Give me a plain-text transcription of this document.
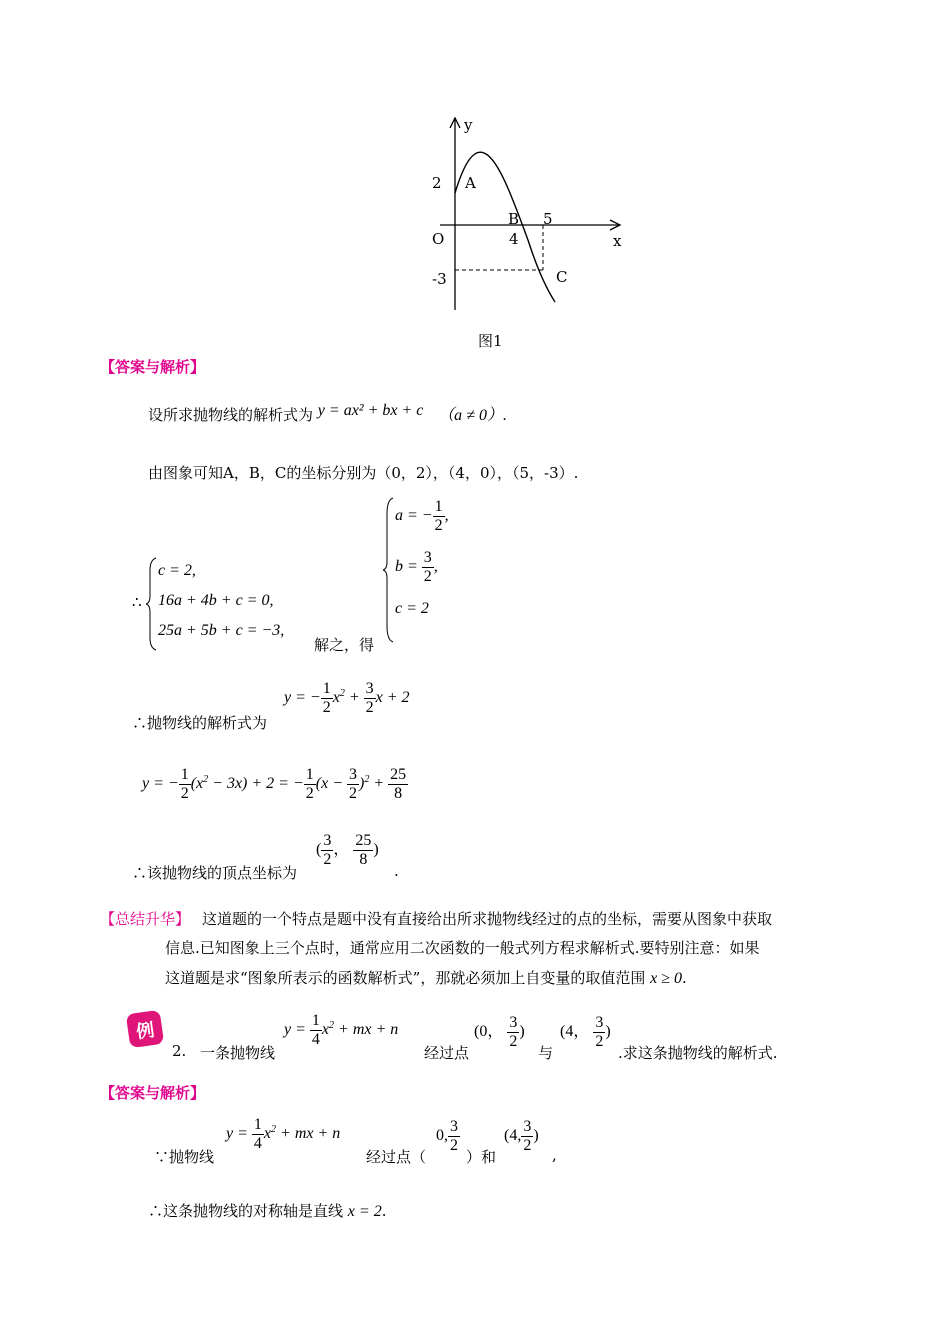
y
x
O
A
B
C
2
4
5
-3
图1
【答案与解析】
设所求抛物线的解析式为 y = ax² + bx + c （a ≠ 0）.
由图象可知A，B，C的坐标分别为（0，2），（4，0），（5，-3）.
∴
c = 2,
16a + 4b + c = 0,
25a + 5b + c = −3,
解之，得
a = − $\frac{1}{2}$ ,
$b = \frac{3}{2}$ ,
c = 2
y = − $\frac{1}{2} x^2 + \frac{3}{2}$ x + 2
∴抛物线的解析式为
y = − $\frac{1}{2} (x^2 - 3x) + 2$ = − $\frac{1}{2} (x - \frac{3}{2} )^2 + \frac{25}{8}$
∴该抛物线的顶点坐标为
( $\frac{3}{2}$ ， $\frac{25}{8}$ )
.
【总结升华】 这道题的一个特点是题中没有直接给出所求抛物线经过的点的坐标，需要从图象中获取
信息.已知图象上三个点时，通常应用二次函数的一般式列方程求解析式.要特别注意：如果
这道题是求“图象所表示的函数解析式”，那就必须加上自变量的取值范围 x ≥ 0.
例
2. 一条抛物线
$y = \frac{1}{4} x^2$ + mx + n
经过点
(0， $\frac{3}{2}$ )
与
(4， $\frac{3}{2}$ )
.求这条抛物线的解析式.
【答案与解析】
∵抛物线
$y = \frac{1}{4} x^2$ + mx + n
经过点（
0, $\frac{3}{2}$
）和
(4, $\frac{3}{2}$ )
,
∴这条抛物线的对称轴是直线 x = 2.
